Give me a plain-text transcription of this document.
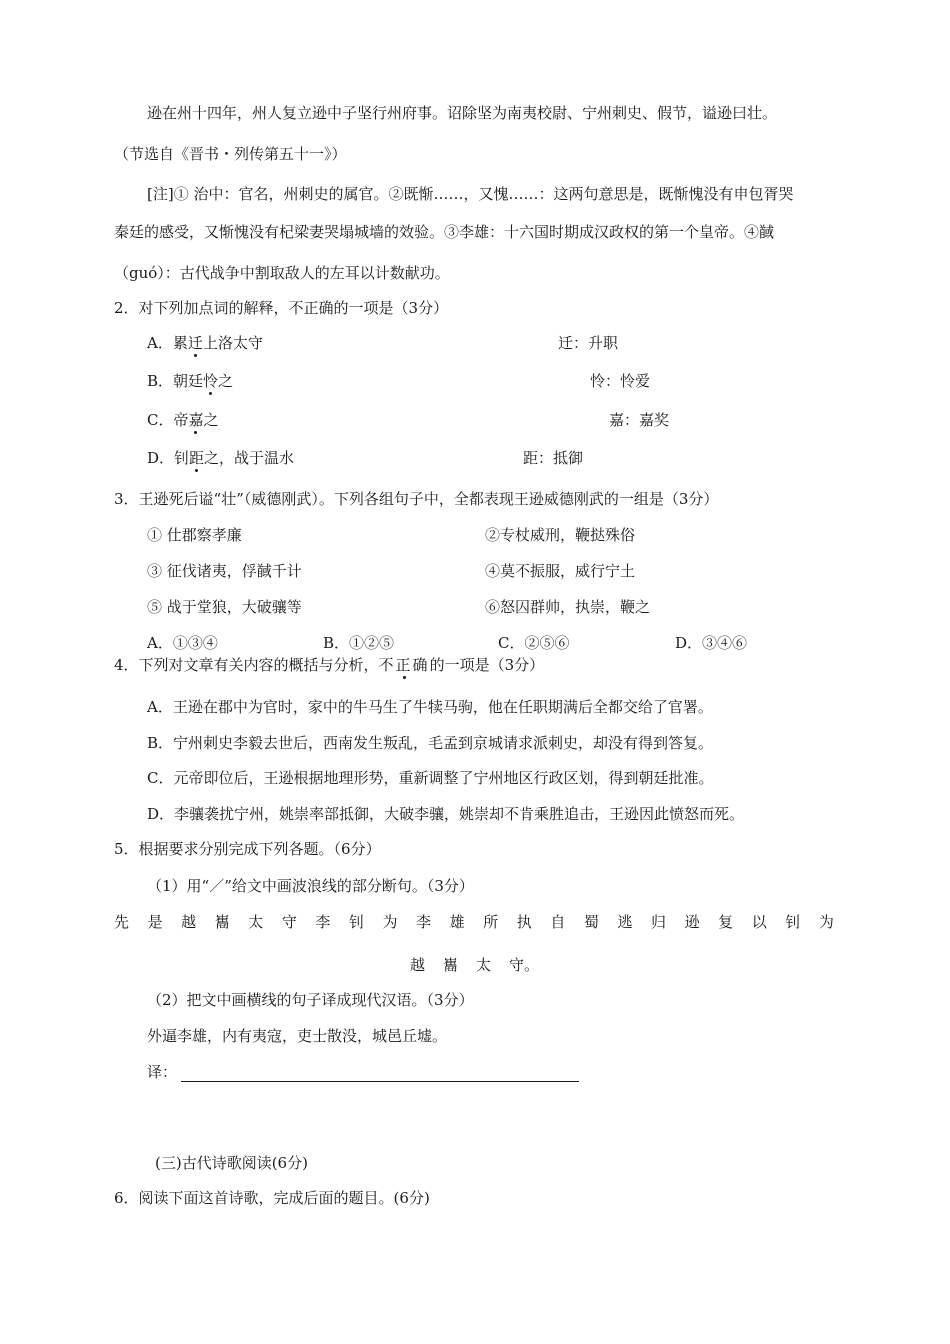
逊在州十四年，州人复立逊中子坚行州府事。诏除坚为南夷校尉、宁州刺史、假节，谥逊曰壮。
（节选自《晋书・列传第五十一》）
[注]① 治中：官名，州刺史的属官。②既惭……，又愧……：这两句意思是，既惭愧没有申包胥哭
秦廷的感受，又惭愧没有杞梁妻哭塌城墙的效验。③李雄：十六国时期成汉政权的第一个皇帝。④馘
（guó）：古代战争中割取敌人的左耳以计数献功。
2．对下列加点词的解释，不正确的一项是（3分）
A．累迁上洛太守	迁：升职
B．朝廷怜之	怜：怜爱
C．帝嘉之	嘉：嘉奖
D．钊距之，战于温水	距：抵御
3．王逊死后谥“壮”（威德刚武）。下列各组句子中，全都表现王逊威德刚武的一组是（3分）
① 仕郡察孝廉	②专杖威刑，鞭挞殊俗
③ 征伐诸夷，俘馘千计	④莫不振服，威行宁土
⑤ 战于堂狼，大破骧等	⑥怒囚群帅，执崇，鞭之
A．①③④	B．①②⑤	C．②⑤⑥	D．③④⑥
4．下列对文章有关内容的概括与分析，不正确的一项是（3分）
A．王逊在郡中为官时，家中的牛马生了牛犊马驹，他在任职期满后全都交给了官署。
B．宁州刺史李毅去世后，西南发生叛乱，毛孟到京城请求派刺史，却没有得到答复。
C．元帝即位后，王逊根据地理形势，重新调整了宁州地区行政区划，得到朝廷批准。
D．李骧袭扰宁州，姚崇率部抵御，大破李骧，姚崇却不肯乘胜追击，王逊因此愤怒而死。
5．根据要求分别完成下列各题。（6分）
（1）用“／”给文中画波浪线的部分断句。（3分）
先 是 越 巂 太 守 李 钊 为 李 雄 所 执 自 蜀 逃 归 逊 复 以 钊 为
越 巂 太 守。
（2）把文中画横线的句子译成现代汉语。（3分）
外逼李雄，内有夷寇，吏士散没，城邑丘墟。
译：
(三)古代诗歌阅读(6分)
6．阅读下面这首诗歌，完成后面的题目。(6分)
